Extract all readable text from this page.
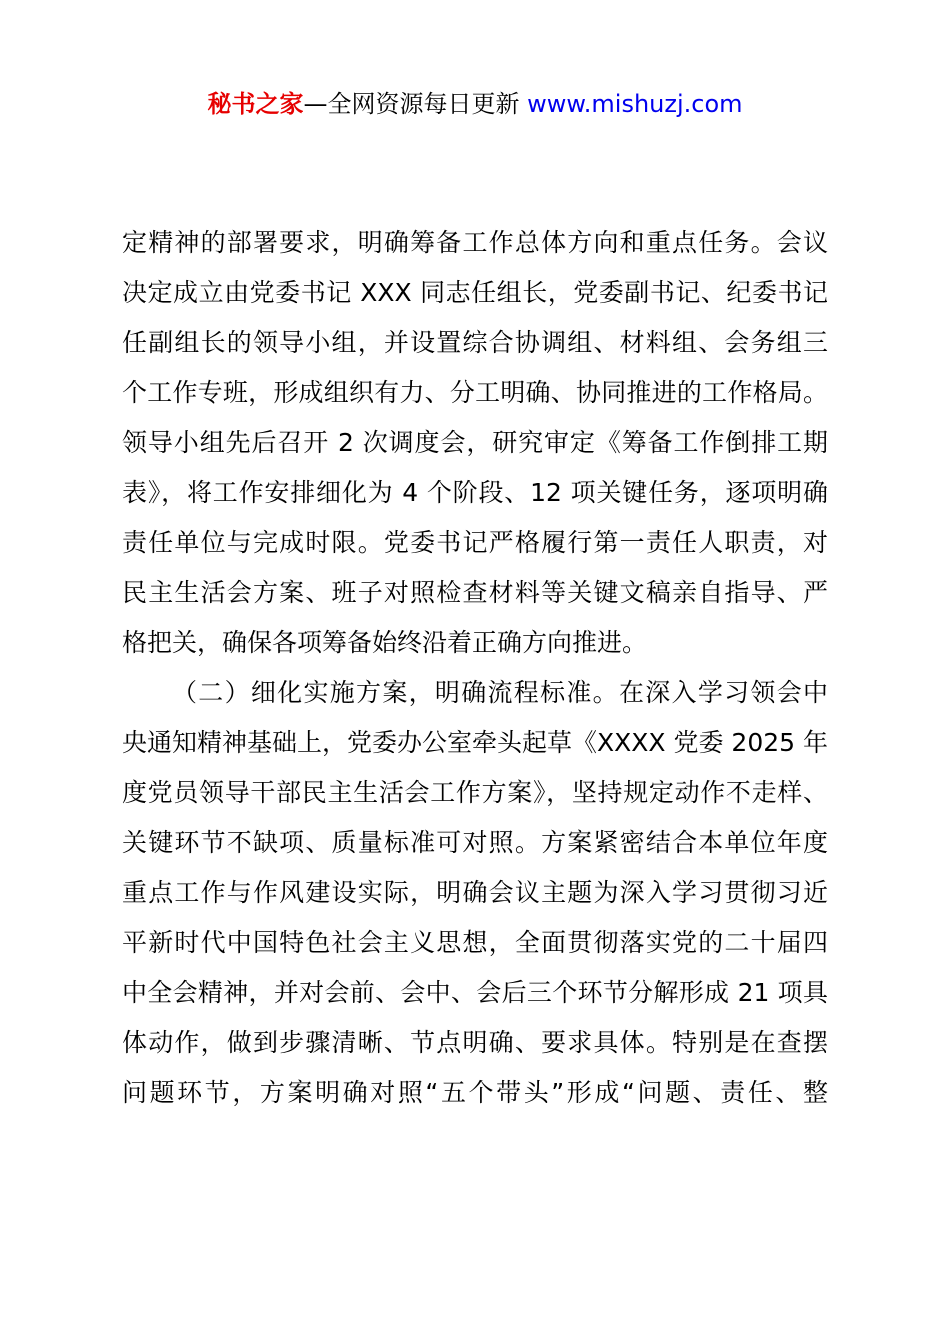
秘书之家—全网资源每日更新 www.mishuzj.com
定精神的部署要求，明确筹备工作总体方向和重点任务。会议
决定成立由党委书记 XXX 同志任组长，党委副书记、纪委书记
任副组长的领导小组，并设置综合协调组、材料组、会务组三
个工作专班，形成组织有力、分工明确、协同推进的工作格局。
领导小组先后召开 2 次调度会，研究审定《筹备工作倒排工期
表》，将工作安排细化为 4 个阶段、12 项关键任务，逐项明确
责任单位与完成时限。党委书记严格履行第一责任人职责，对
民主生活会方案、班子对照检查材料等关键文稿亲自指导、严
格把关，确保各项筹备始终沿着正确方向推进。
（二）细化实施方案，明确流程标准。在深入学习领会中
央通知精神基础上，党委办公室牵头起草《XXXX 党委 2025 年
度党员领导干部民主生活会工作方案》，坚持规定动作不走样、
关键环节不缺项、质量标准可对照。方案紧密结合本单位年度
重点工作与作风建设实际，明确会议主题为深入学习贯彻习近
平新时代中国特色社会主义思想，全面贯彻落实党的二十届四
中全会精神，并对会前、会中、会后三个环节分解形成 21 项具
体动作，做到步骤清晰、节点明确、要求具体。特别是在查摆
问题环节，方案明确对照“五个带头”形成“问题、责任、整
